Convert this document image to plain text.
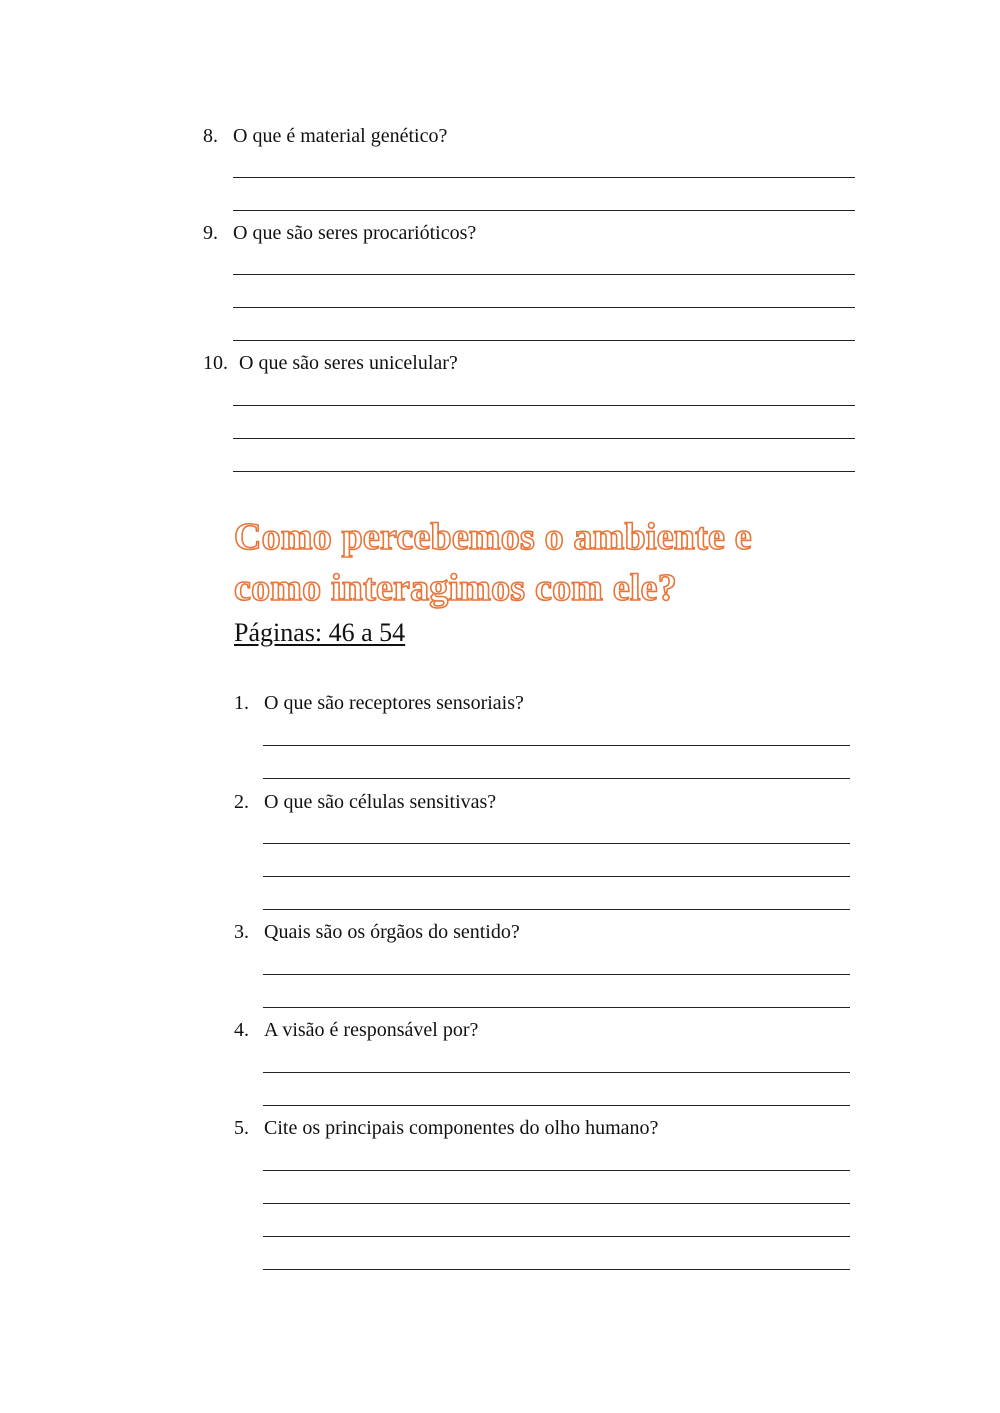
8. O que é material genético?
9. O que são seres procarióticos?
10. O que são seres unicelular?
Como percebemos o ambiente e
como interagimos com ele?
Páginas: 46 a 54
1. O que são receptores sensoriais?
2. O que são células sensitivas?
3. Quais são os órgãos do sentido?
4. A visão é responsável por?
5. Cite os principais componentes do olho humano?
